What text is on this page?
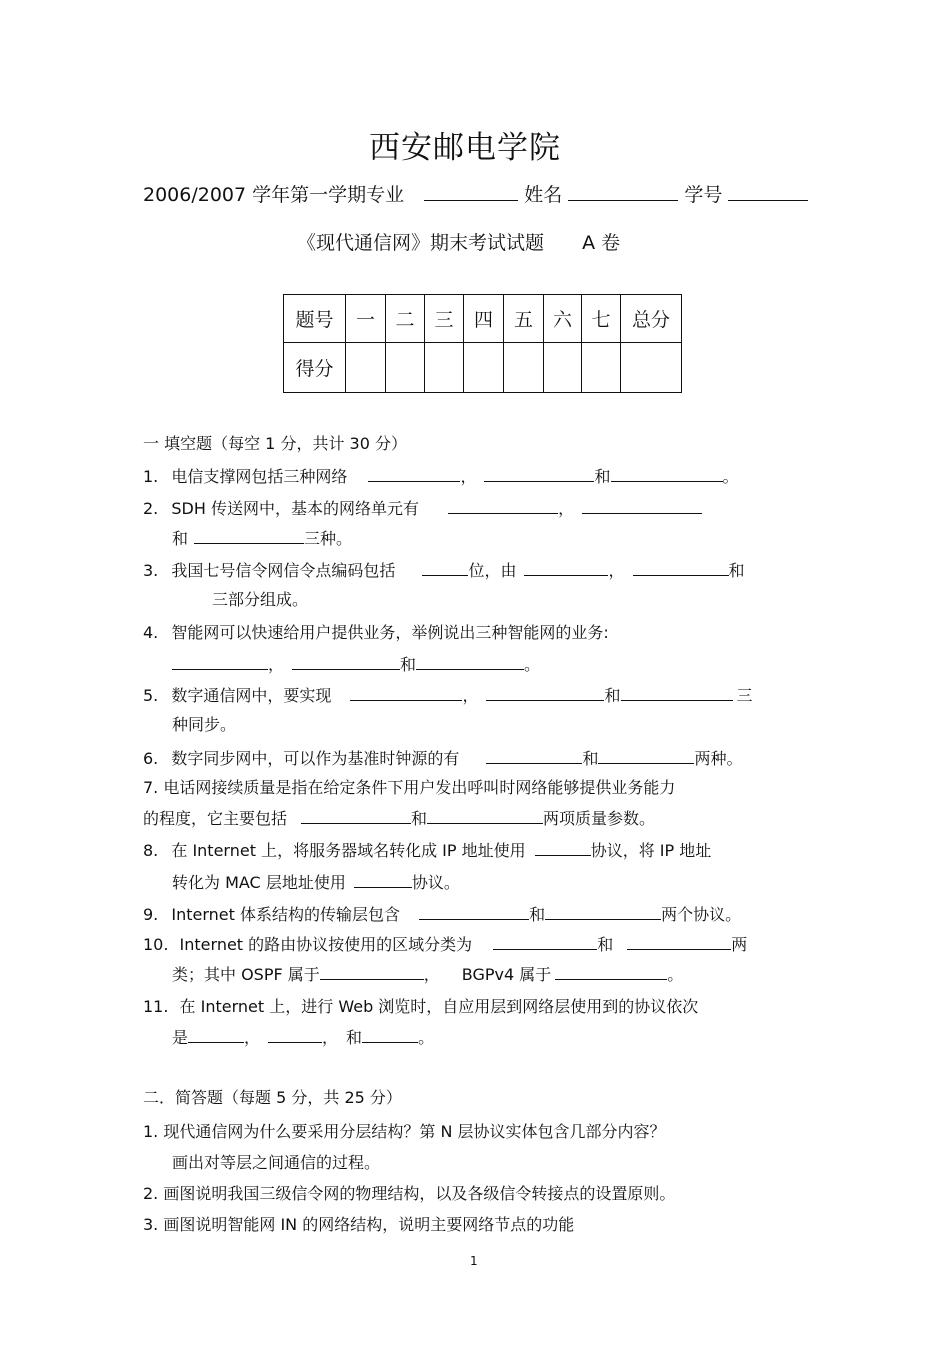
西安邮电学院
2006/2007 学年第一学期专业	姓名	学号
《现代通信网》期末考试试题 A 卷
题号	一	二	三	四	五	六	七	总分
得分								
一 填空题（每空 1 分，共计 30 分）
1. 电信支撑网包括三种网络	，	和	。
2. SDH 传送网中，基本的网络单元有	，
和	三种。
3. 我国七号信令网信令点编码包括	位，由	，	和
三部分组成。
4. 智能网可以快速给用户提供业务，举例说出三种智能网的业务:
，	和	。
5. 数字通信网中，要实现	，	和	三
种同步。
6. 数字同步网中，可以作为基准时钟源的有	和	两种。
7. 电话网接续质量是指在给定条件下用户发出呼叫时网络能够提供业务能力
的程度，它主要包括	和	两项质量参数。
8. 在 Internet 上，将服务器域名转化成 IP 地址使用	协议，将 IP 地址
转化为 MAC 层地址使用	协议。
9. Internet 体系结构的传输层包含	和	两个协议。
10. Internet 的路由协议按使用的区域分类为	和	两
类；其中 OSPF 属于	， BGPv4 属于	。
11. 在 Internet 上，进行 Web 浏览时，自应用层到网络层使用到的协议依次
是	，	， 和	。
二．简答题（每题 5 分，共 25 分）
1. 现代通信网为什么要采用分层结构？第 N 层协议实体包含几部分内容？
画出对等层之间通信的过程。
2. 画图说明我国三级信令网的物理结构，以及各级信令转接点的设置原则。
3. 画图说明智能网 IN 的网络结构，说明主要网络节点的功能
1
